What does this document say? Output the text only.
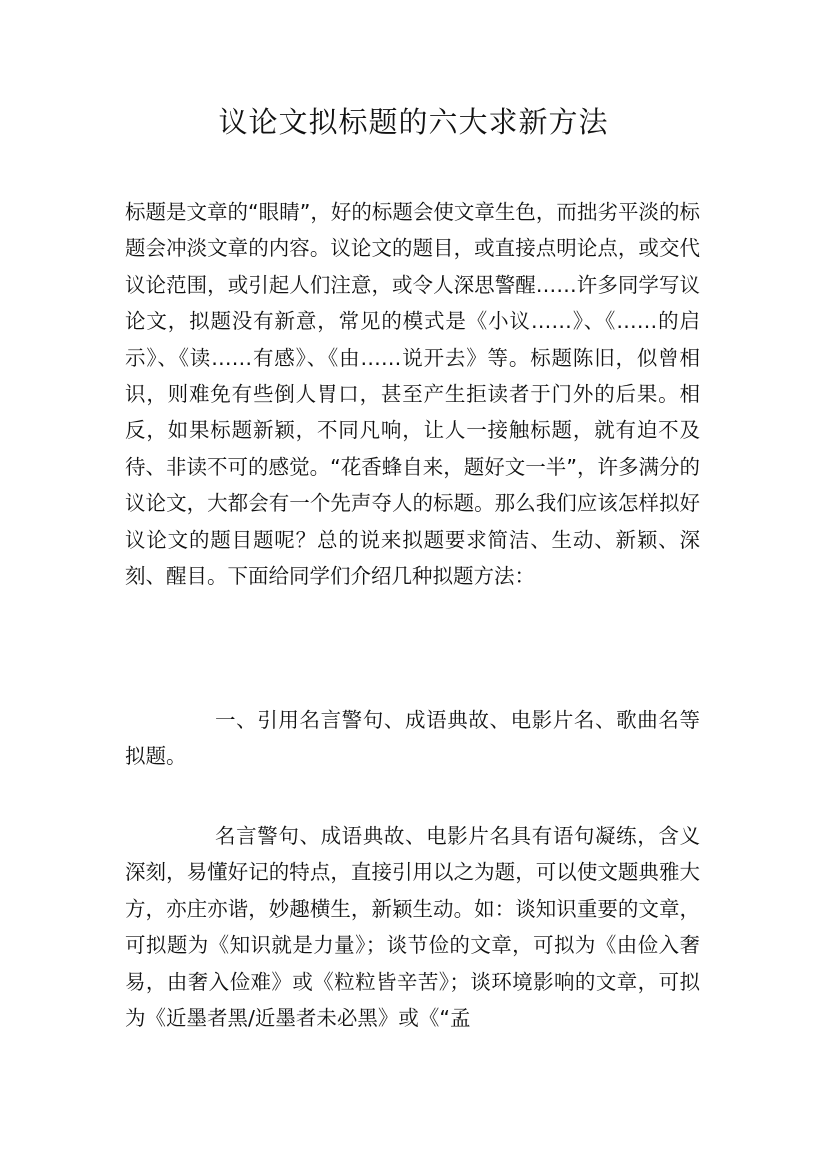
议论文拟标题的六大求新方法

标题是文章的“眼睛”，好的标题会使文章生色，而拙劣平淡的标题会冲淡文章的内容。议论文的题目，或直接点明论点，或交代议论范围，或引起人们注意，或令人深思警醒……许多同学写议论文，拟题没有新意，常见的模式是《小议……》、《……的启示》、《读……有感》、《由……说开去》等。标题陈旧，似曾相识，则难免有些倒人胃口，甚至产生拒读者于门外的后果。相反，如果标题新颖，不同凡响，让人一接触标题，就有迫不及待、非读不可的感觉。“花香蜂自来，题好文一半”，许多满分的议论文，大都会有一个先声夺人的标题。那么我们应该怎样拟好议论文的题目题呢？总的说来拟题要求简洁、生动、新颖、深刻、醒目。下面给同学们介绍几种拟题方法：

一、引用名言警句、成语典故、电影片名、歌曲名等拟题。

名言警句、成语典故、电影片名具有语句凝练，含义深刻，易懂好记的特点，直接引用以之为题，可以使文题典雅大方，亦庄亦谐，妙趣横生，新颖生动。如：谈知识重要的文章，可拟题为《知识就是力量》；谈节俭的文章，可拟为《由俭入奢易，由奢入俭难》或《粒粒皆辛苦》；谈环境影响的文章，可拟为《近墨者黑/近墨者未必黑》或《“孟
